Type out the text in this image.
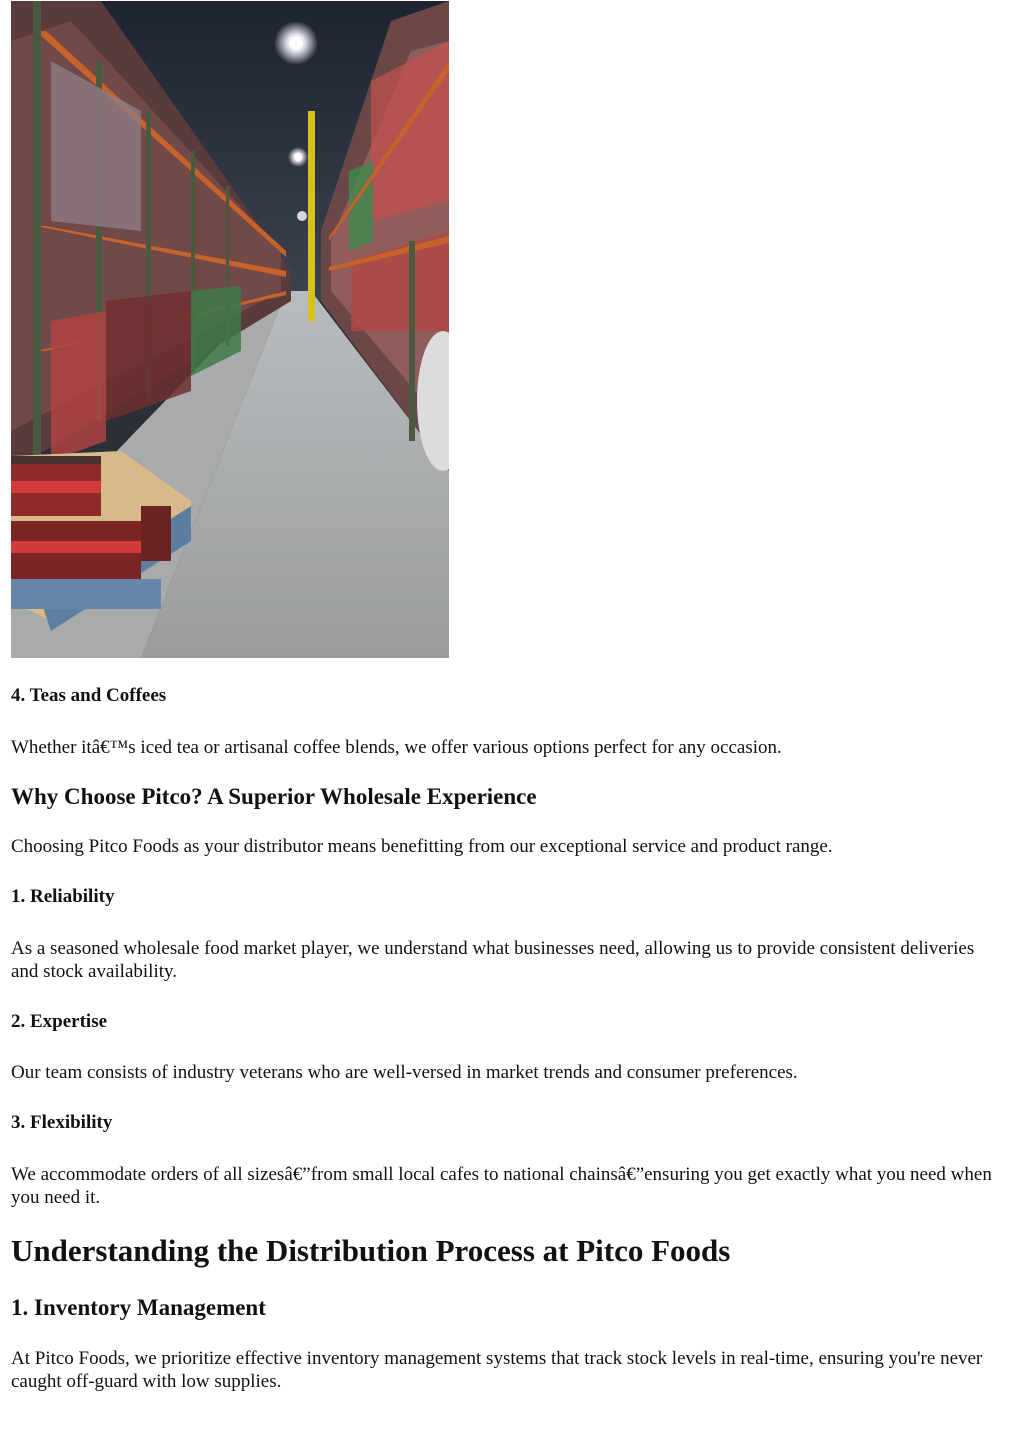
4. Teas and Coffees

Whether itâ€™s iced tea or artisanal coffee blends, we offer various options perfect for any occasion.

Why Choose Pitco? A Superior Wholesale Experience

Choosing Pitco Foods as your distributor means benefitting from our exceptional service and product range.

1. Reliability

As a seasoned wholesale food market player, we understand what businesses need, allowing us to provide consistent deliveries and stock availability.

2. Expertise

Our team consists of industry veterans who are well-versed in market trends and consumer preferences.

3. Flexibility

We accommodate orders of all sizesâ€”from small local cafes to national chainsâ€”ensuring you get exactly what you need when you need it.

Understanding the Distribution Process at Pitco Foods
1. Inventory Management

At Pitco Foods, we prioritize effective inventory management systems that track stock levels in real-time, ensuring you're never caught off-guard with low supplies.
